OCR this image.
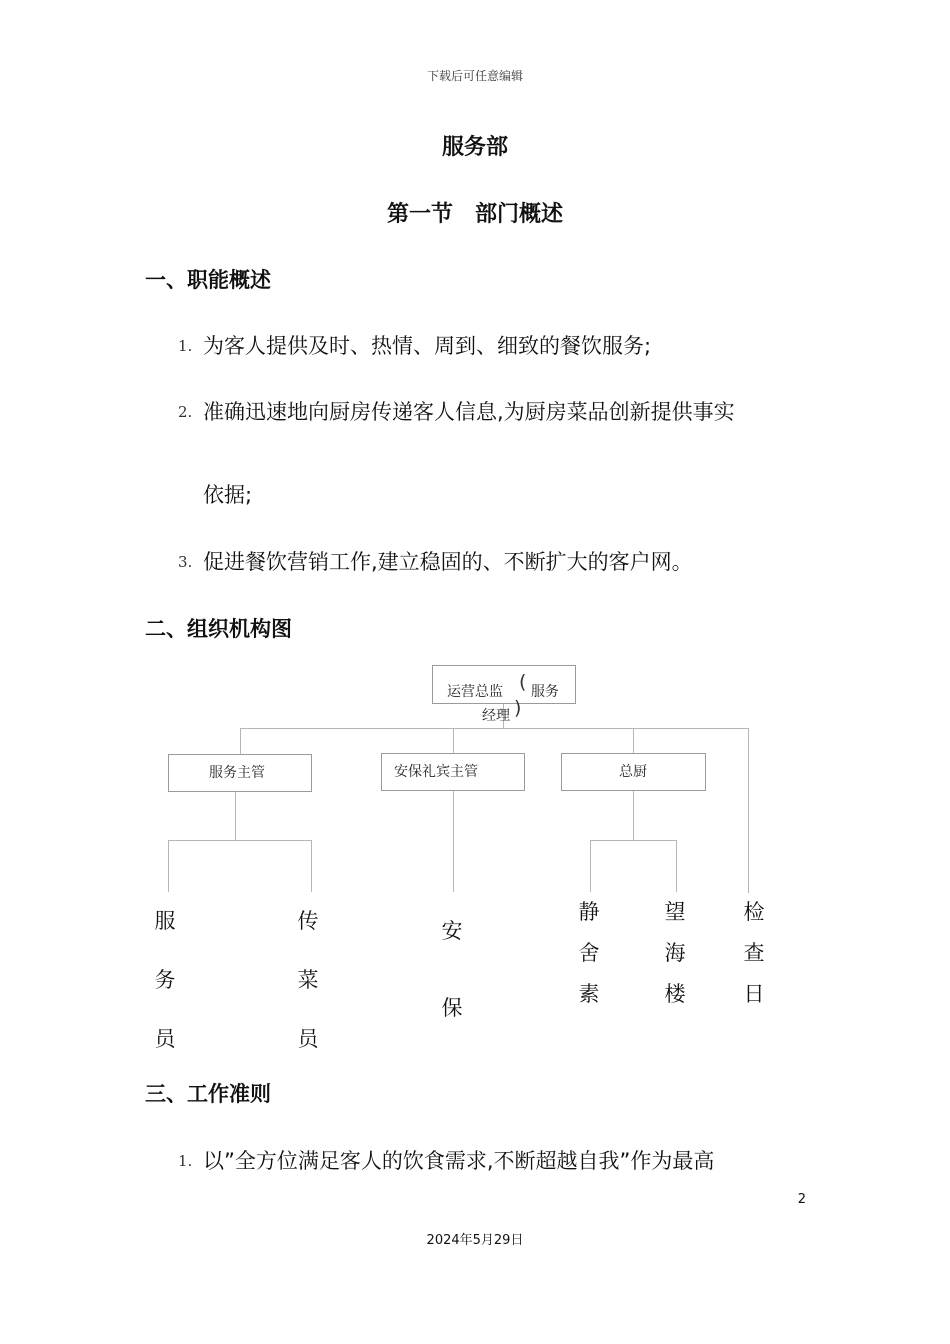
下载后可任意编辑
服务部
第一节　部门概述
一、职能概述
1. 为客人提供及时、热情、周到、细致的餐饮服务;
2. 准确迅速地向厨房传递客人信息,为厨房菜品创新提供事实
依据;
3. 促进餐饮营销工作,建立稳固的、不断扩大的客户网。
二、组织机构图
运营总监 ( 服务
经理 )
服务主管	安保礼宾主管	总厨
服务员
传菜员
安保
静舍素
望海楼
检查日
三、工作准则
1. 以”全方位满足客人的饮食需求,不断超越自我”作为最高
2
2024年5月29日
